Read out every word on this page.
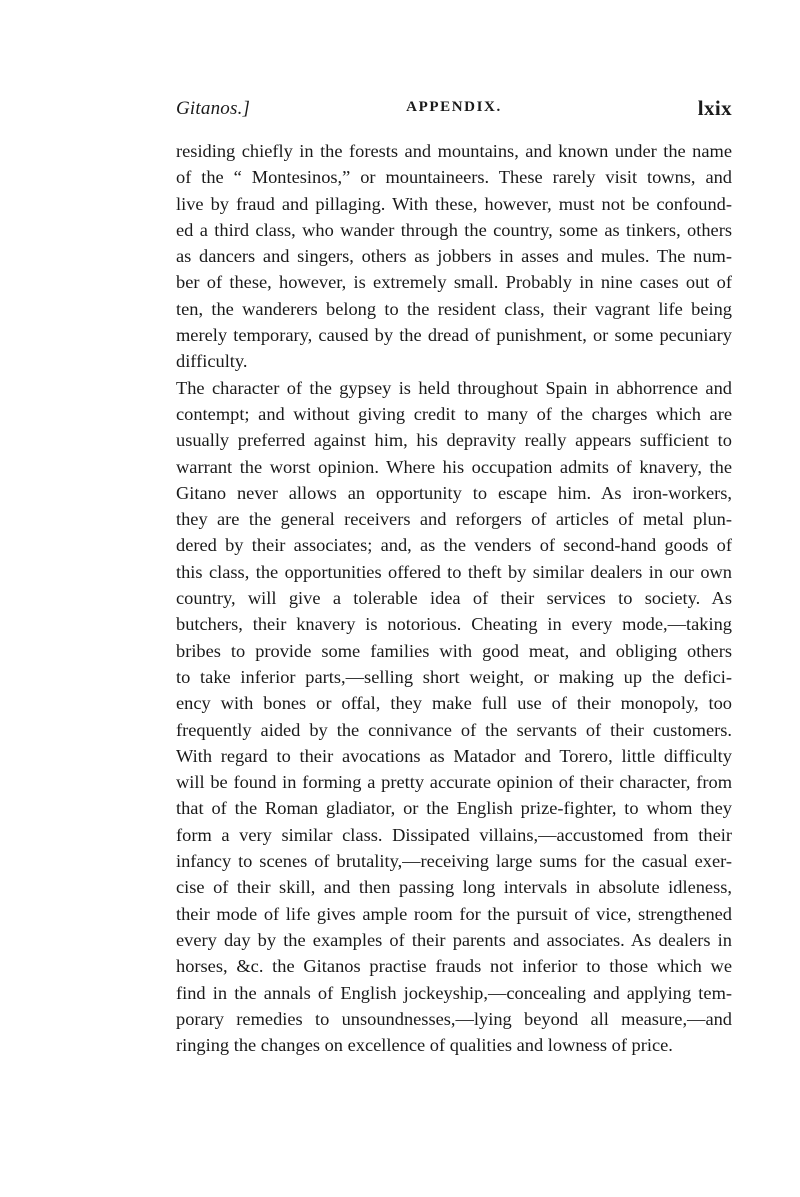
Gitanos.]	APPENDIX.	lxix
residing chiefly in the forests and mountains, and known under the name
of the “ Montesinos,” or mountaineers. These rarely visit towns, and
live by fraud and pillaging. With these, however, must not be confound-
ed a third class, who wander through the country, some as tinkers, others
as dancers and singers, others as jobbers in asses and mules. The num-
ber of these, however, is extremely small. Probably in nine cases out of
ten, the wanderers belong to the resident class, their vagrant life being
merely temporary, caused by the dread of punishment, or some pecuniary
difficulty.
The character of the gypsey is held throughout Spain in abhorrence and
contempt; and without giving credit to many of the charges which are
usually preferred against him, his depravity really appears sufficient to
warrant the worst opinion. Where his occupation admits of knavery, the
Gitano never allows an opportunity to escape him. As iron-workers,
they are the general receivers and reforgers of articles of metal plun-
dered by their associates; and, as the venders of second-hand goods of
this class, the opportunities offered to theft by similar dealers in our own
country, will give a tolerable idea of their services to society. As
butchers, their knavery is notorious. Cheating in every mode,—taking
bribes to provide some families with good meat, and obliging others
to take inferior parts,—selling short weight, or making up the defici-
ency with bones or offal, they make full use of their monopoly, too
frequently aided by the connivance of the servants of their customers.
With regard to their avocations as Matador and Torero, little difficulty
will be found in forming a pretty accurate opinion of their character, from
that of the Roman gladiator, or the English prize-fighter, to whom they
form a very similar class. Dissipated villains,—accustomed from their
infancy to scenes of brutality,—receiving large sums for the casual exer-
cise of their skill, and then passing long intervals in absolute idleness,
their mode of life gives ample room for the pursuit of vice, strengthened
every day by the examples of their parents and associates. As dealers in
horses, &c. the Gitanos practise frauds not inferior to those which we
find in the annals of English jockeyship,—concealing and applying tem-
porary remedies to unsoundnesses,—lying beyond all measure,—and
ringing the changes on excellence of qualities and lowness of price.
